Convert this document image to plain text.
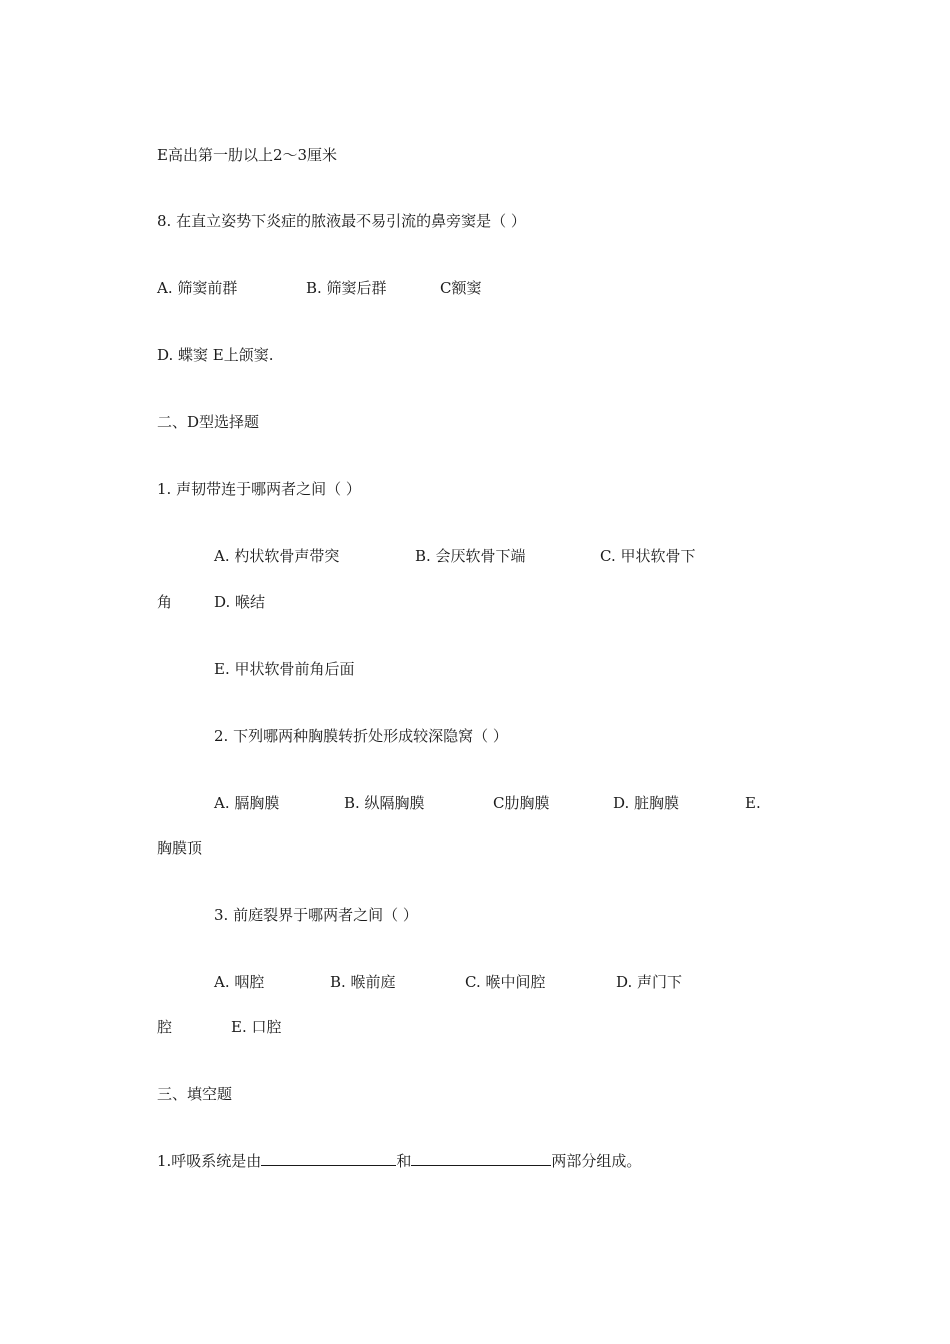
E高出第一肋以上2～3厘米
8. 在直立姿势下炎症的脓液最不易引流的鼻旁窦是（ ）
A. 筛窦前群	B. 筛窦后群	C额窦
D. 蝶窦 E上颌窦.
二、D型选择题
1. 声韧带连于哪两者之间（ ）
A. 杓状软骨声带突	B. 会厌软骨下端	C. 甲状软骨下
角	D. 喉结
E. 甲状软骨前角后面
2. 下列哪两种胸膜转折处形成较深隐窝（ ）
A. 膈胸膜	B. 纵隔胸膜	C肋胸膜	D. 脏胸膜	E.
胸膜顶
3. 前庭裂界于哪两者之间（ ）
A. 咽腔	B. 喉前庭	C. 喉中间腔	D. 声门下
腔	E. 口腔
三、填空题
1.呼吸系统是由	和	两部分组成。
